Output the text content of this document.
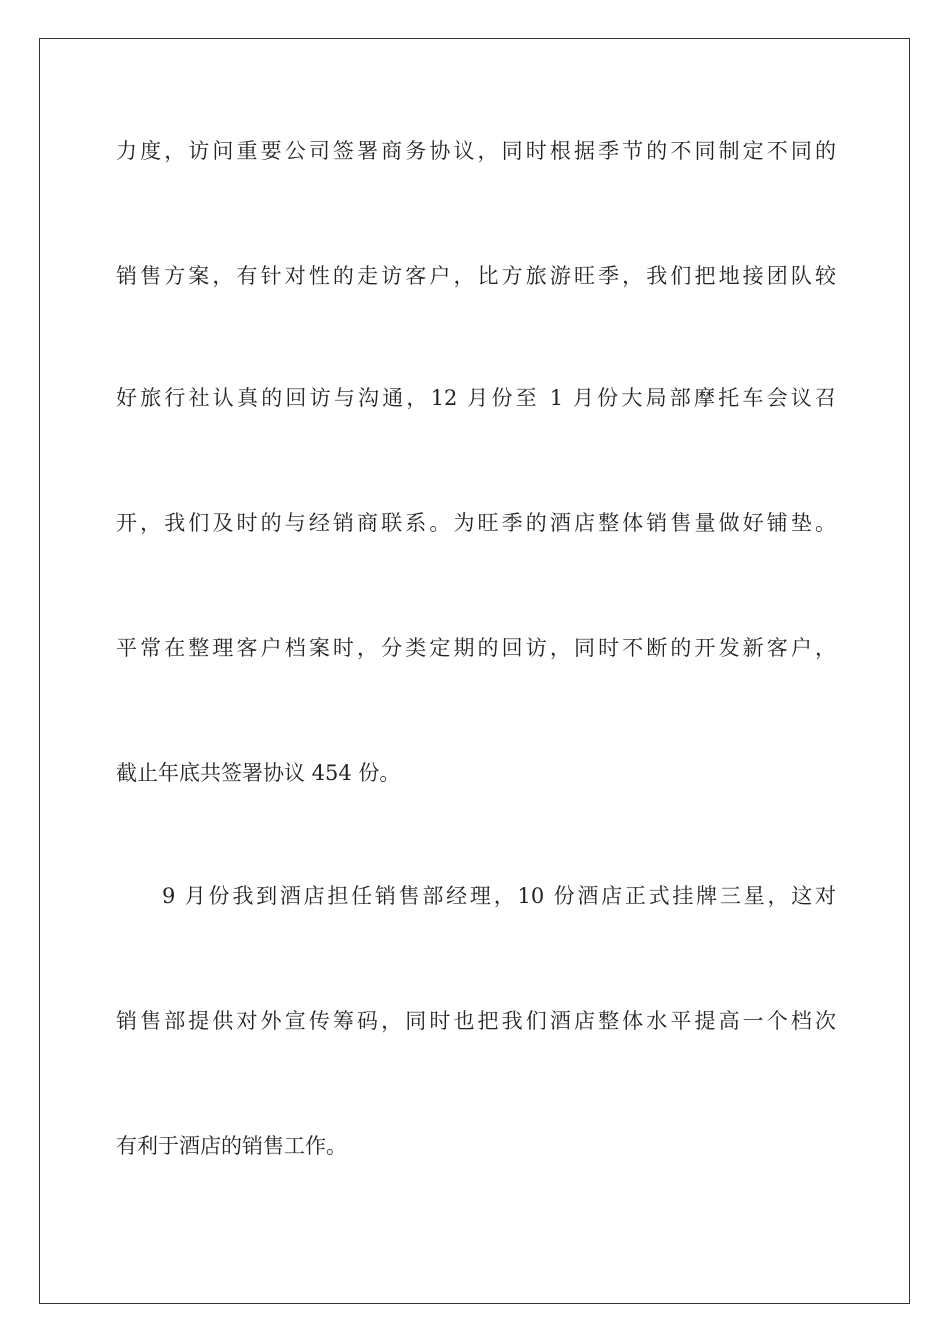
力度，访问重要公司签署商务协议，同时根据季节的不同制定不同的
销售方案，有针对性的走访客户，比方旅游旺季，我们把地接团队较
好旅行社认真的回访与沟通，12 月份至 1 月份大局部摩托车会议召
开，我们及时的与经销商联系。为旺季的酒店整体销售量做好铺垫。
平常在整理客户档案时，分类定期的回访，同时不断的开发新客户，
截止年底共签署协议 454 份。
9 月份我到酒店担任销售部经理，10 份酒店正式挂牌三星，这对
销售部提供对外宣传筹码，同时也把我们酒店整体水平提高一个档次
有利于酒店的销售工作。
